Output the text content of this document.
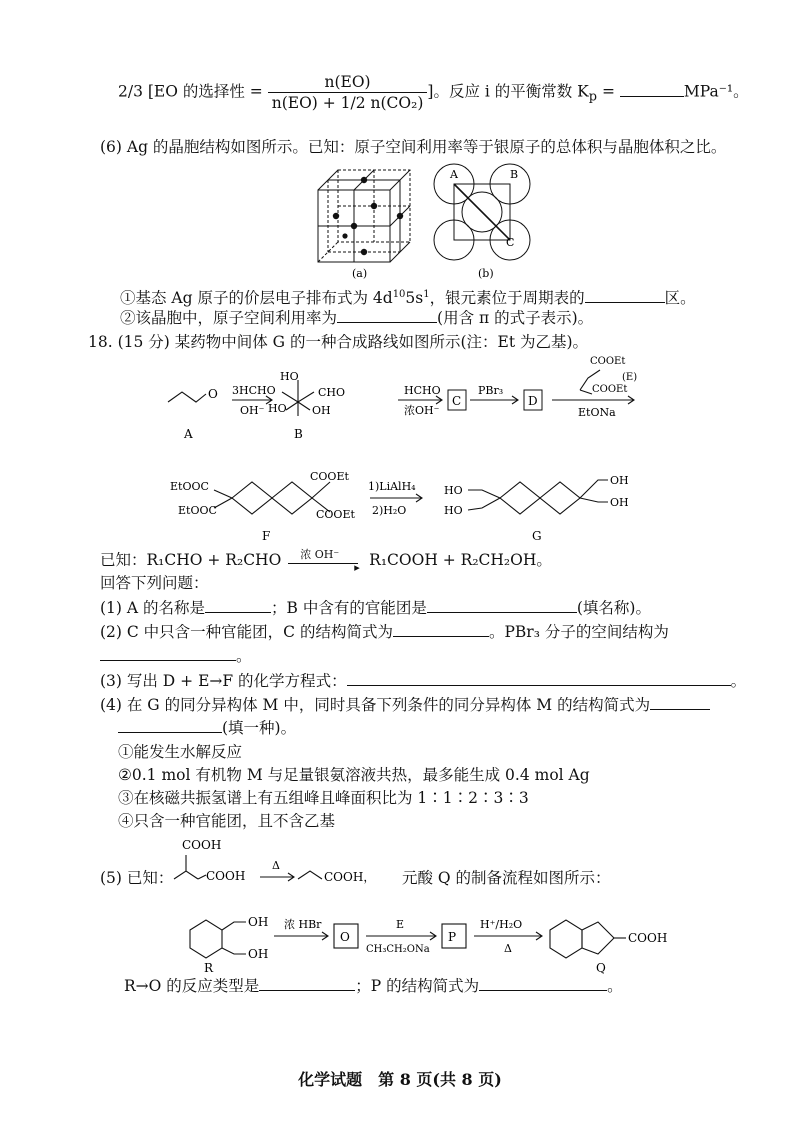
2/3 [EO 的选择性 = $\frac{n(EO)}{\text{n(EO) + 1/2 n(CO₂)}}$ ]。反应 i 的平衡常数 $K_p$ =	MPa⁻¹。
(6) Ag 的晶胞结构如图所示。已知：原子空间利用率等于银原子的总体积与晶胞体积之比。
(a)
A	B
C
(b)
①基态 Ag 原子的价层电子排布式为 $4d^{10}5s^1$，银元素位于周期表的	区。
②该晶胞中，原子空间利用率为	(用含 π 的式子表示)。
18. (15 分) 某药物中间体 G 的一种合成路线如图所示(注：Et 为乙基)。
O
A
3HCHO
OH⁻
HO
HO
CHO
OH
B
HCHO
浓OH⁻
C
PBr₃
D
COOEt
COOEt
(E)
EtONa
EtOOC
EtOOC
COOEt
COOEt
F
1)LiAlH₄
2)H₂O
HO
HO
OH
OH
G
已知：R₁CHO + R₂CHO 浓 OH⁻
▸ R₁COOH + R₂CH₂OH。
回答下列问题：
(1) A 的名称是	；B 中含有的官能团是	(填名称)。
(2) C 中只含一种官能团，C 的结构简式为	。PBr₃ 分子的空间结构为
。
(3) 写出 D + E→F 的化学方程式：	。
(4) 在 G 的同分异构体 M 中，同时具备下列条件的同分异构体 M 的结构简式为
(填一种)。
①能发生水解反应
②0.1 mol 有机物 M 与足量银氨溶液共热，最多能生成 0.4 mol Ag
③在核磁共振氢谱上有五组峰且峰面积比为 1∶1∶2∶3∶3
④只含一种官能团，且不含乙基
(5) 已知：
COOH
COOH
Δ
COOH， 元酸 Q 的制备流程如图所示：
OH
OH
R
浓 HBr
O
E
CH₃CH₂ONa
P
H⁺/H₂O
Δ
COOH
Q
R→O 的反应类型是	；P 的结构简式为	。
化学试题　第 8 页(共 8 页)
